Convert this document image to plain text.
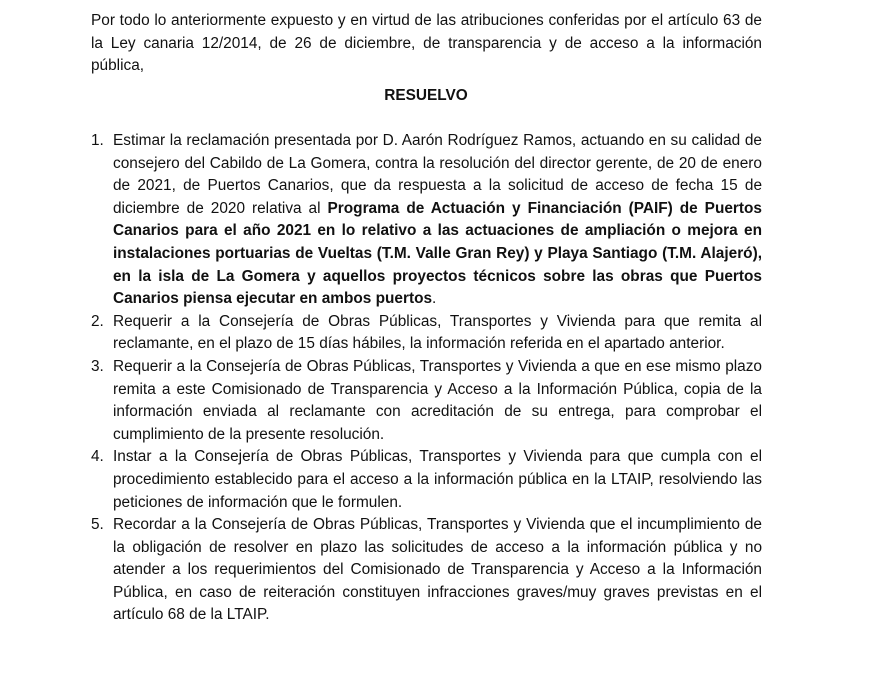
Por todo lo anteriormente expuesto y en virtud de las atribuciones conferidas por el artículo 63 de la Ley canaria 12/2014, de 26 de diciembre, de transparencia y de acceso a la información pública,

RESUELVO

1. Estimar la reclamación presentada por D. Aarón Rodríguez Ramos, actuando en su calidad de consejero del Cabildo de La Gomera, contra la resolución del director gerente, de 20 de enero de 2021, de Puertos Canarios, que da respuesta a la solicitud de acceso de fecha 15 de diciembre de 2020 relativa al Programa de Actuación y Financiación (PAIF) de Puertos Canarios para el año 2021 en lo relativo a las actuaciones de ampliación o mejora en instalaciones portuarias de Vueltas (T.M. Valle Gran Rey) y Playa Santiago (T.M. Alajeró), en la isla de La Gomera y aquellos proyectos técnicos sobre las obras que Puertos Canarios piensa ejecutar en ambos puertos.
2. Requerir a la Consejería de Obras Públicas, Transportes y Vivienda para que remita al reclamante, en el plazo de 15 días hábiles, la información referida en el apartado anterior.
3. Requerir a la Consejería de Obras Públicas, Transportes y Vivienda a que en ese mismo plazo remita a este Comisionado de Transparencia y Acceso a la Información Pública, copia de la información enviada al reclamante con acreditación de su entrega, para comprobar el cumplimiento de la presente resolución.
4. Instar a la Consejería de Obras Públicas, Transportes y Vivienda para que cumpla con el procedimiento establecido para el acceso a la información pública en la LTAIP, resolviendo las peticiones de información que le formulen.
5. Recordar a la Consejería de Obras Públicas, Transportes y Vivienda que el incumplimiento de la obligación de resolver en plazo las solicitudes de acceso a la información pública y no atender a los requerimientos del Comisionado de Transparencia y Acceso a la Información Pública, en caso de reiteración constituyen infracciones graves/muy graves previstas en el artículo 68 de la LTAIP.
